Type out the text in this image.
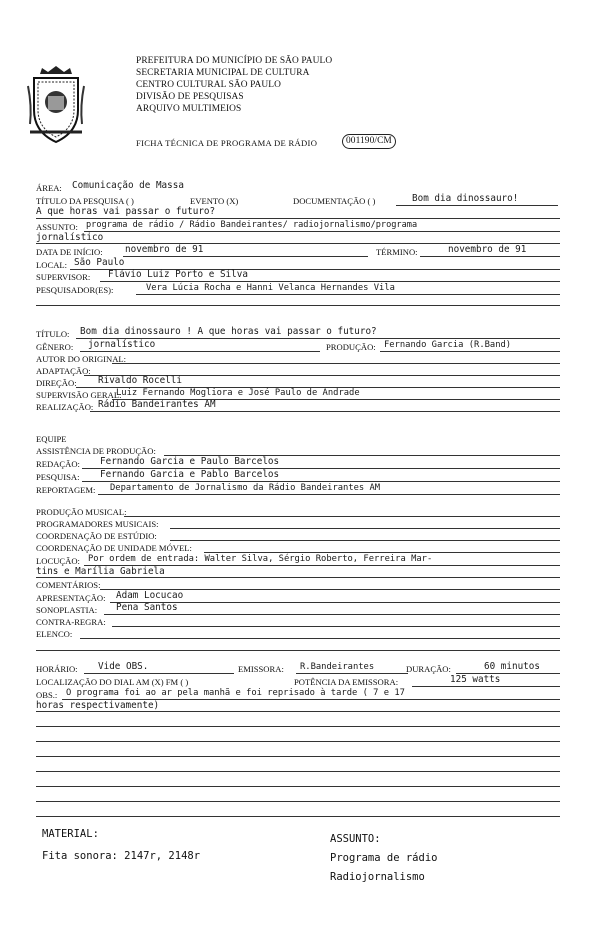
PREFEITURA DO MUNICÍPIO DE SÃO PAULO
SECRETARIA MUNICIPAL DE CULTURA
CENTRO CULTURAL SÃO PAULO
DIVISÃO DE PESQUISAS
ARQUIVO MULTIMEIOS
FICHA TÉCNICA DE PROGRAMA DE RÁDIO	001190/CM
ÁREA: Comunicação de Massa
TÍTULO DA PESQUISA ( )	EVENTO (X)	DOCUMENTAÇÃO ( )	Bom dia dinossauro!
A que horas vai passar o futuro?
ASSUNTO: programa de rádio / Rádio Bandeirantes/ radiojornalismo/programa
jornalístico
DATA DE INÍCIO: novembro de 91	TÉRMINO:	novembro de 91
LOCAL: São Paulo
SUPERVISOR: Flávio Luiz Porto e Silva
PESQUISADOR(ES):	Vera Lúcia Rocha e Hanni Velanca Hernandes Vila
TÍTULO: Bom dia dinossauro ! A que horas vai passar o futuro?
GÊNERO: jornalístico	PRODUÇÃO: Fernando Garcia (R.Band)
AUTOR DO ORIGINAL:
ADAPTAÇÃO:
DIREÇÃO: Rivaldo Rocelli
SUPERVISÃO GERAL:
Luiz Fernando Mogliora e José Paulo de Andrade
REALIZAÇÃO: Rádio Bandeirantes AM
EQUIPE
ASSISTÊNCIA DE PRODUÇÃO:
REDAÇÃO: Fernando Garcia e Paulo Barcelos
PESQUISA: Fernando Garcia e Pablo Barcelos
REPORTAGEM: Departamento de Jornalismo da Rádio Bandeirantes AM
PRODUÇÃO MUSICAL:
PROGRAMADORES MUSICAIS:
COORDENAÇÃO DE ESTÚDIO:
COORDENAÇÃO DE UNIDADE MÓVEL:
LOCUÇÃO: Por ordem de entrada: Walter Silva, Sérgio Roberto, Ferreira Mar-
tins e Marília Gabriela
COMENTÁRIOS:
APRESENTAÇÃO: Adam Locucao
SONOPLASTIA: Pena Santos
CONTRA-REGRA:
ELENCO:
HORÁRIO: Vide OBS.	EMISSORA: R.Bandeirantes	DURAÇÃO:	60 minutos
LOCALIZAÇÃO DO DIAL AM (X) FM ( )	POTÊNCIA DA EMISSORA:	125 watts
OBS.: O programa foi ao ar pela manhã e foi reprisado à tarde ( 7 e 17
horas respectivamente)
MATERIAL:
Fita sonora: 2147r, 2148r
ASSUNTO:
Programa de rádio
Radiojornalismo
